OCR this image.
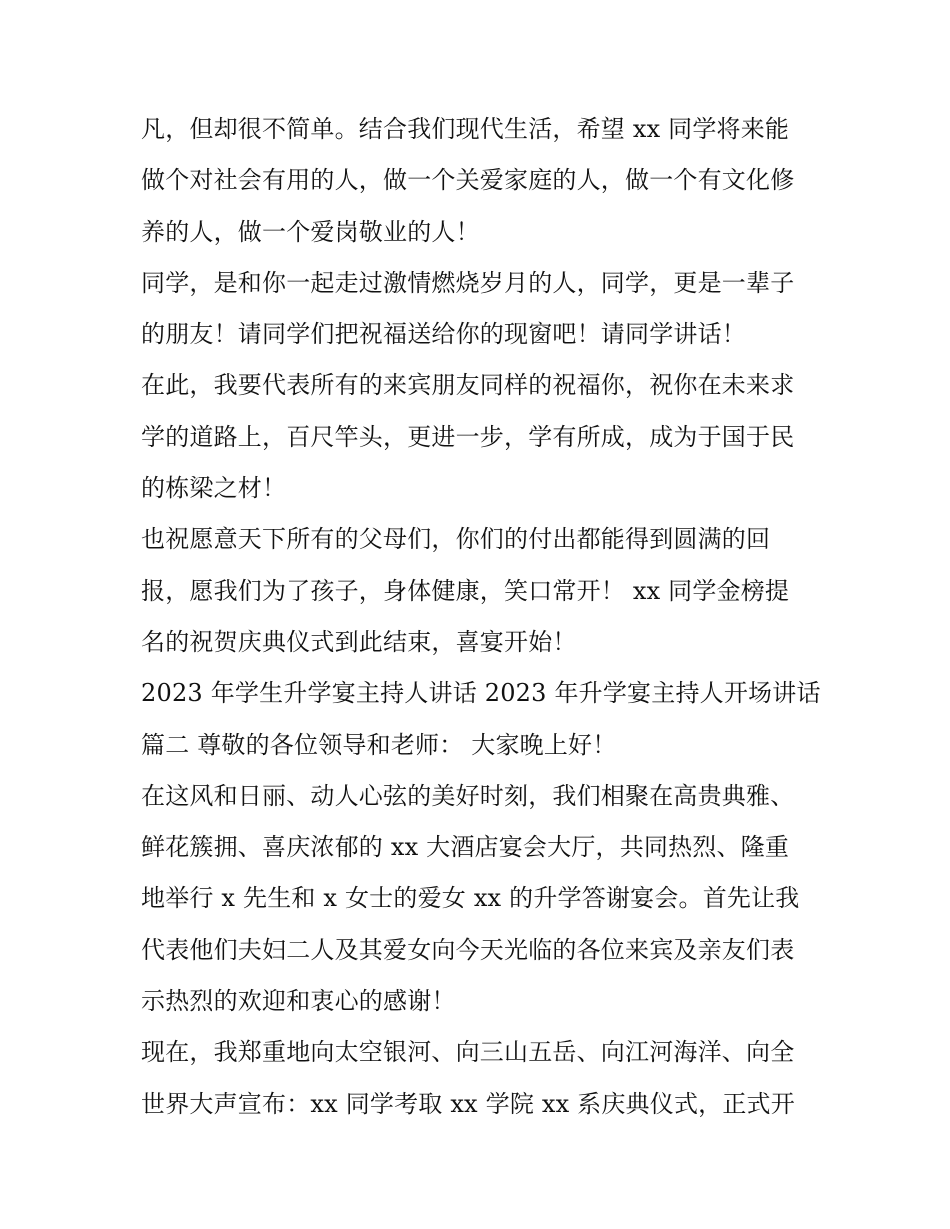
凡，但却很不简单。结合我们现代生活，希望 xx 同学将来能
做个对社会有用的人，做一个关爱家庭的人，做一个有文化修
养的人，做一个爱岗敬业的人！
同学，是和你一起走过激情燃烧岁月的人，同学，更是一辈子
的朋友！请同学们把祝福送给你的现窗吧！请同学讲话！
在此，我要代表所有的来宾朋友同样的祝福你，祝你在未来求
学的道路上，百尺竿头，更进一步，学有所成，成为于国于民
的栋梁之材！
也祝愿意天下所有的父母们，你们的付出都能得到圆满的回
报，愿我们为了孩子，身体健康，笑口常开！ xx 同学金榜提
名的祝贺庆典仪式到此结束，喜宴开始！
2023 年学生升学宴主持人讲话 2023 年升学宴主持人开场讲话
篇二 尊敬的各位领导和老师： 大家晚上好！
在这风和日丽、动人心弦的美好时刻，我们相聚在高贵典雅、
鲜花簇拥、喜庆浓郁的 xx 大酒店宴会大厅，共同热烈、隆重
地举行 x 先生和 x 女士的爱女 xx 的升学答谢宴会。首先让我
代表他们夫妇二人及其爱女向今天光临的各位来宾及亲友们表
示热烈的欢迎和衷心的感谢！
现在，我郑重地向太空银河、向三山五岳、向江河海洋、向全
世界大声宣布：xx 同学考取 xx 学院 xx 系庆典仪式，正式开
